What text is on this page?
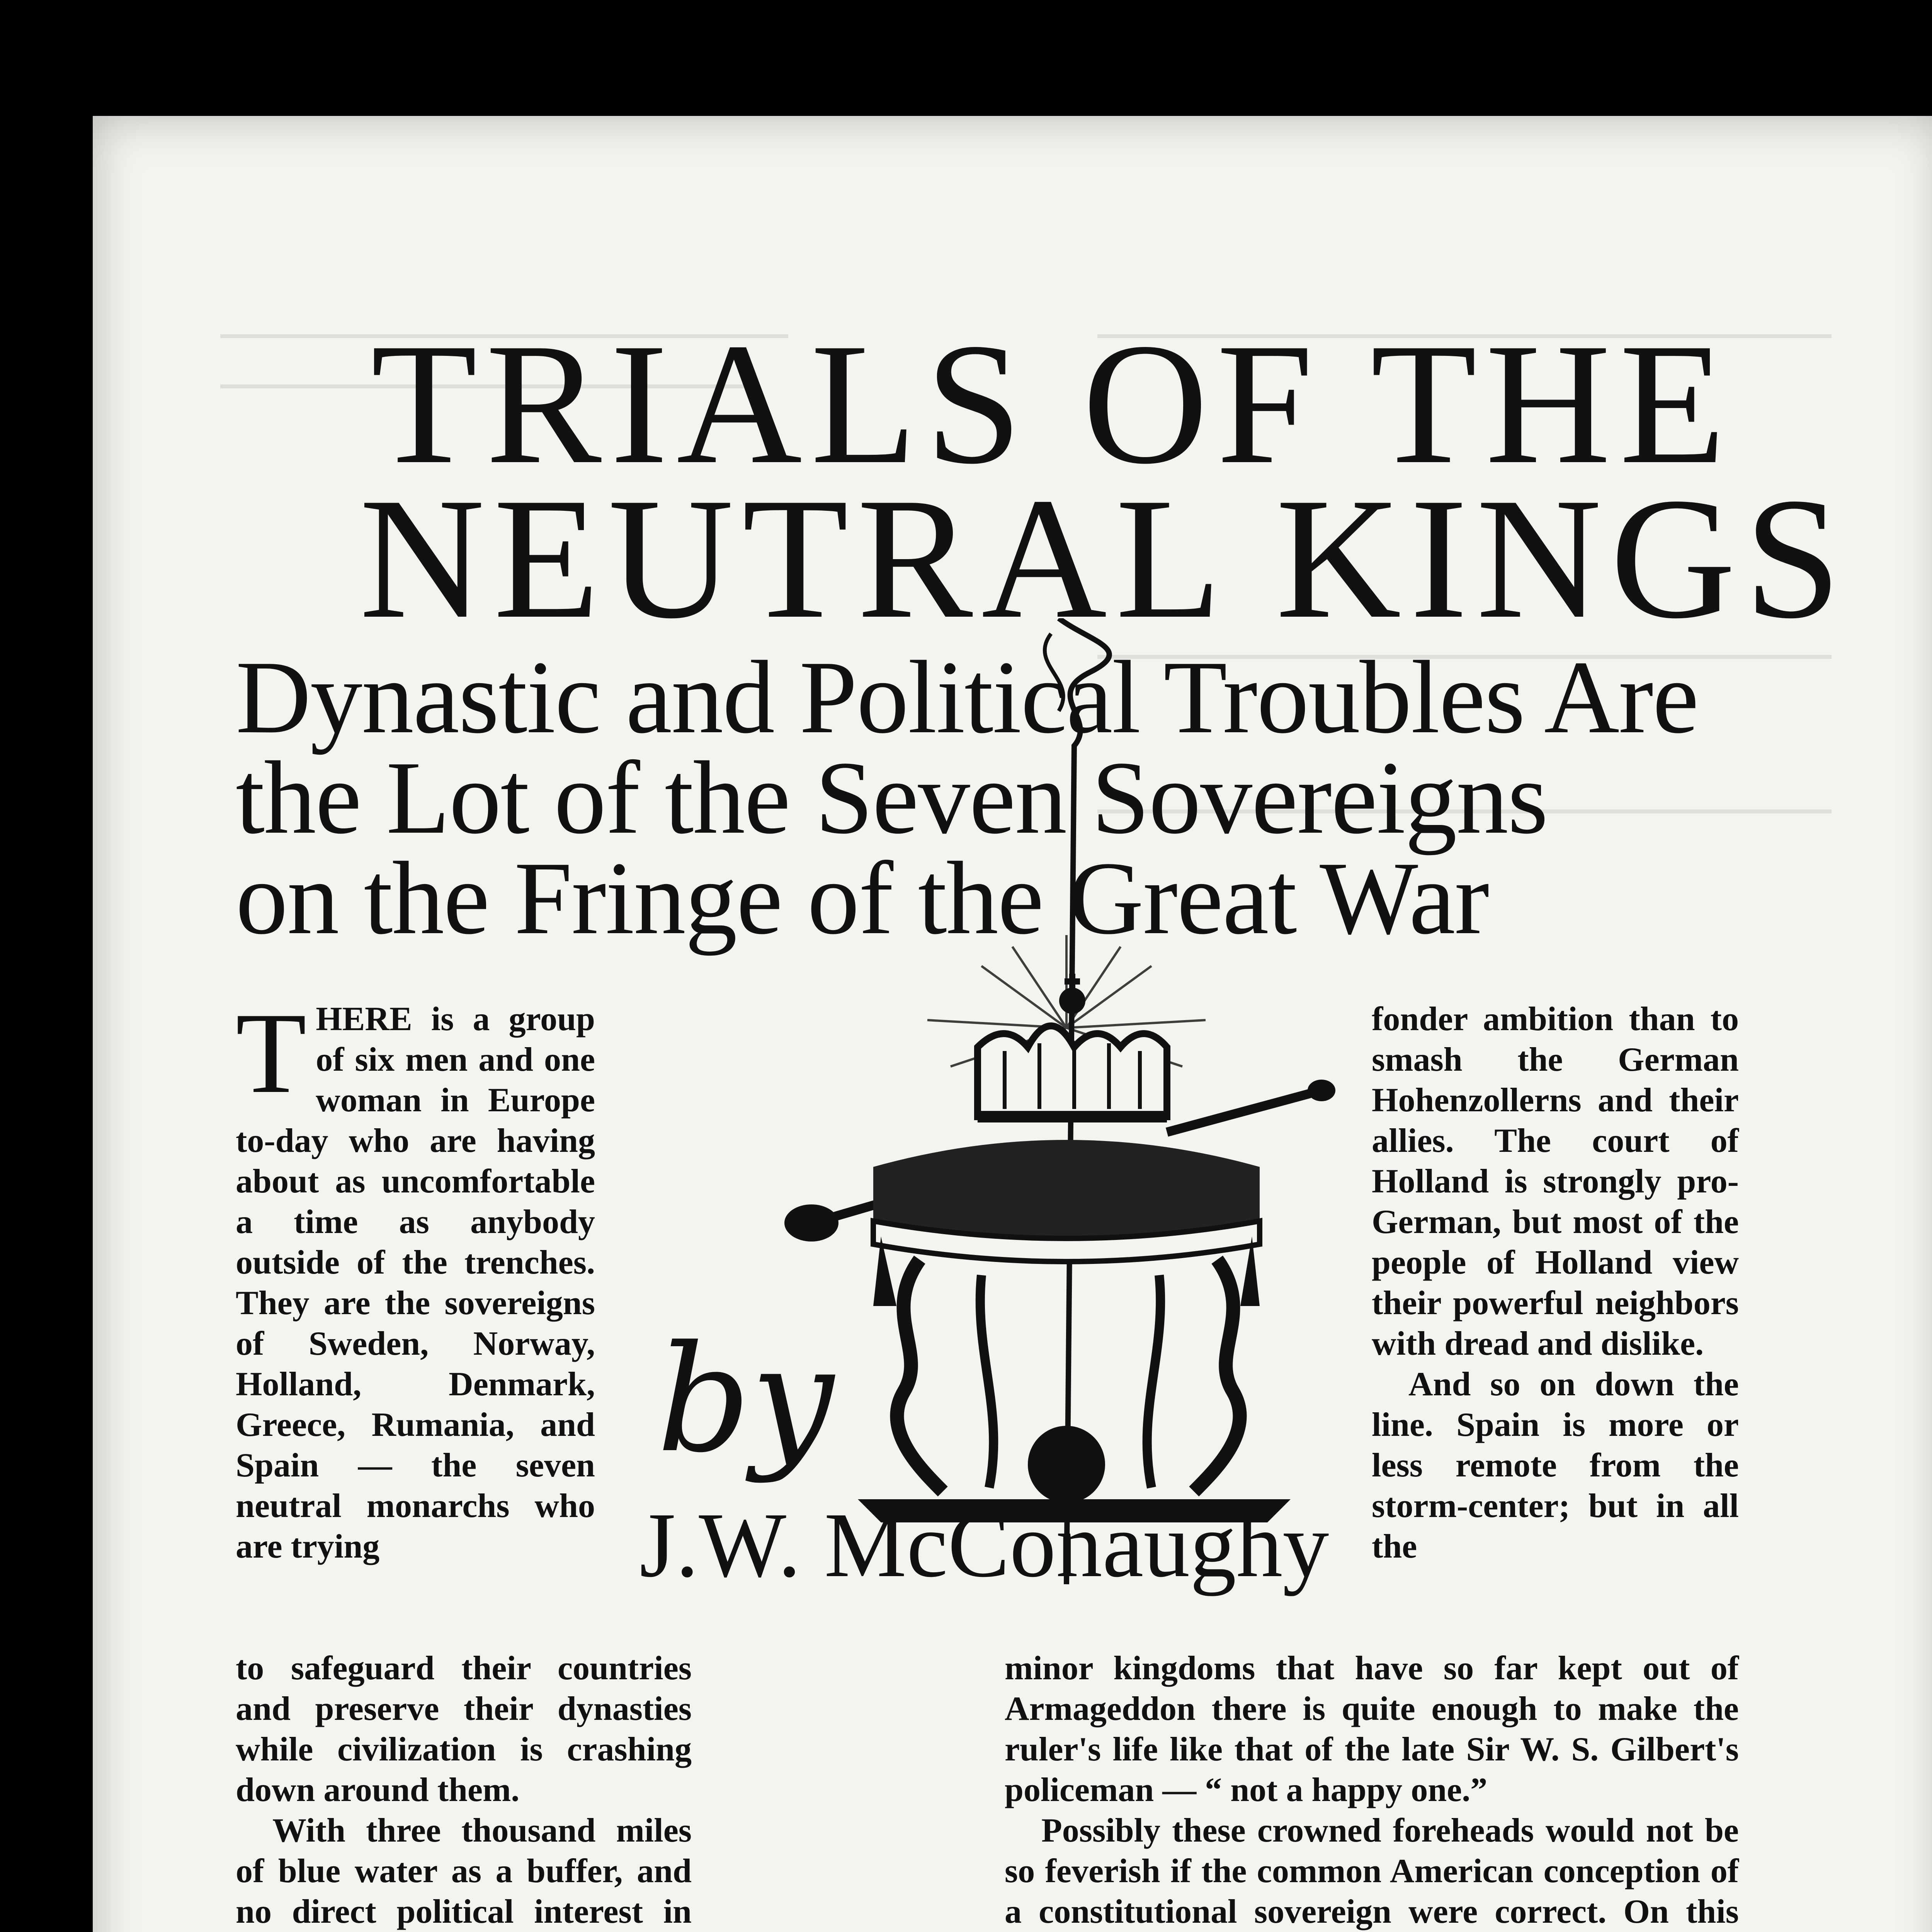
TRIALS OF THE
NEUTRAL KINGS
Dynastic and Political Troubles Are
the Lot of the Seven Sovereigns
on the Fringe of the Great War
by
J.W. McConaughy

THERE is a group of six men and one woman in Europe to-day who are having about as uncomfortable a time as anybody outside of the trenches. They are the sovereigns of Sweden, Norway, Holland, Denmark, Greece, Rumania, and Spain — the seven neutral monarchs who are trying

fonder ambition than to smash the German Hohenzollerns and their allies. The court of Holland is strongly pro-German, but most of the people of Holland view their powerful neighbors with dread and dislike.

And so on down the line. Spain is more or less remote from the storm-center; but in all the

to safeguard their countries and preserve their dynasties while civilization is crashing down around them.

With three thousand miles of blue water as a buffer, and no direct political interest in

minor kingdoms that have so far kept out of Armageddon there is quite enough to make the ruler's life like that of the late Sir W. S. Gilbert's policeman — “ not a happy one.”

Possibly these crowned foreheads would not be so feverish if the common American conception of a constitutional sovereign were correct. On this
